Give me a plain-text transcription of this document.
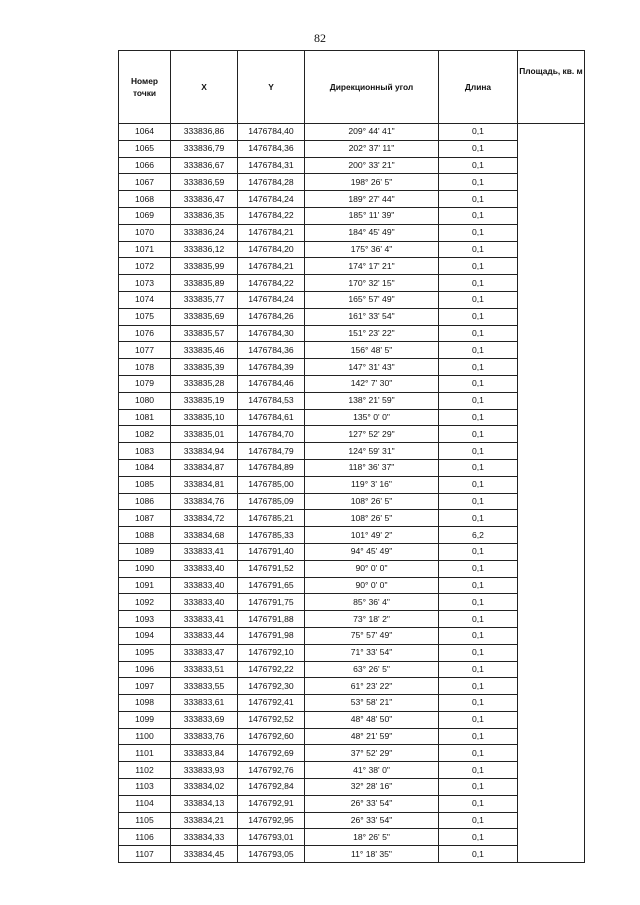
82
Номер точки	X	Y	Дирекционный угол	Длина	Площадь, кв. м
1064	333836,86	1476784,40	209° 44' 41"	0,1	
1065	333836,79	1476784,36	202° 37' 11"	0,1	
1066	333836,67	1476784,31	200° 33' 21"	0,1	
1067	333836,59	1476784,28	198° 26' 5"	0,1	
1068	333836,47	1476784,24	189° 27' 44"	0,1	
1069	333836,35	1476784,22	185° 11' 39"	0,1	
1070	333836,24	1476784,21	184° 45' 49"	0,1	
1071	333836,12	1476784,20	175° 36' 4"	0,1	
1072	333835,99	1476784,21	174° 17' 21"	0,1	
1073	333835,89	1476784,22	170° 32' 15"	0,1	
1074	333835,77	1476784,24	165° 57' 49"	0,1	
1075	333835,69	1476784,26	161° 33' 54"	0,1	
1076	333835,57	1476784,30	151° 23' 22"	0,1	
1077	333835,46	1476784,36	156° 48' 5"	0,1	
1078	333835,39	1476784,39	147° 31' 43"	0,1	
1079	333835,28	1476784,46	142° 7' 30"	0,1	
1080	333835,19	1476784,53	138° 21' 59"	0,1	
1081	333835,10	1476784,61	135° 0' 0"	0,1	
1082	333835,01	1476784,70	127° 52' 29"	0,1	
1083	333834,94	1476784,79	124° 59' 31"	0,1	
1084	333834,87	1476784,89	118° 36' 37"	0,1	
1085	333834,81	1476785,00	119° 3' 16"	0,1	
1086	333834,76	1476785,09	108° 26' 5"	0,1	
1087	333834,72	1476785,21	108° 26' 5"	0,1	
1088	333834,68	1476785,33	101° 49' 2"	6,2	
1089	333833,41	1476791,40	94° 45' 49"	0,1	
1090	333833,40	1476791,52	90° 0' 0"	0,1	
1091	333833,40	1476791,65	90° 0' 0"	0,1	
1092	333833,40	1476791,75	85° 36' 4"	0,1	
1093	333833,41	1476791,88	73° 18' 2"	0,1	
1094	333833,44	1476791,98	75° 57' 49"	0,1	
1095	333833,47	1476792,10	71° 33' 54"	0,1	
1096	333833,51	1476792,22	63° 26' 5"	0,1	
1097	333833,55	1476792,30	61° 23' 22"	0,1	
1098	333833,61	1476792,41	53° 58' 21"	0,1	
1099	333833,69	1476792,52	48° 48' 50"	0,1	
1100	333833,76	1476792,60	48° 21' 59"	0,1	
1101	333833,84	1476792,69	37° 52' 29"	0,1	
1102	333833,93	1476792,76	41° 38' 0"	0,1	
1103	333834,02	1476792,84	32° 28' 16"	0,1	
1104	333834,13	1476792,91	26° 33' 54"	0,1	
1105	333834,21	1476792,95	26° 33' 54"	0,1	
1106	333834,33	1476793,01	18° 26' 5"	0,1	
1107	333834,45	1476793,05	11° 18' 35"	0,1	
